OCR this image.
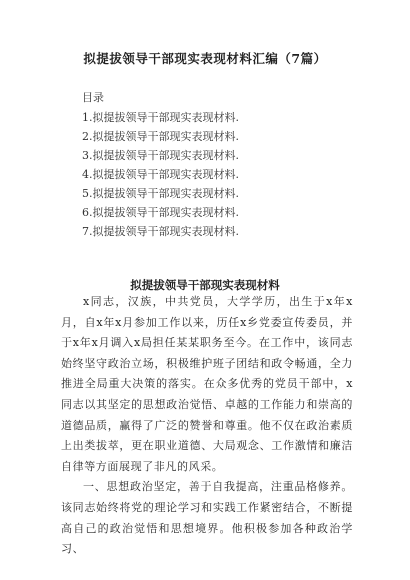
拟提拔领导干部现实表现材料汇编（7篇）
目录
1.拟提拔领导干部现实表现材料.
2.拟提拔领导干部现实表现材料.
3.拟提拔领导干部现实表现材料.
4.拟提拔领导干部现实表现材料.
5.拟提拔领导干部现实表现材料.
6.拟提拔领导干部现实表现材料.
7.拟提拔领导干部现实表现材料.
拟提拔领导干部现实表现材料

x同志，汉族，中共党员，大学学历，出生于x年x月，自x年x月参加工作以来，历任x乡党委宣传委员，并于x年x月调入x局担任某某职务至今。在工作中，该同志始终坚守政治立场，积极维护班子团结和政令畅通，全力推进全局重大决策的落实。在众多优秀的党员干部中，x同志以其坚定的思想政治觉悟、卓越的工作能力和崇高的道德品质，赢得了广泛的赞誉和尊重。他不仅在政治素质上出类拔萃，更在职业道德、大局观念、工作激情和廉洁自律等方面展现了非凡的风采。

一、思想政治坚定，善于自我提高，注重品格修养。该同志始终将党的理论学习和实践工作紧密结合，不断提高自己的政治觉悟和思想境界。他积极参加各种政治学习、
